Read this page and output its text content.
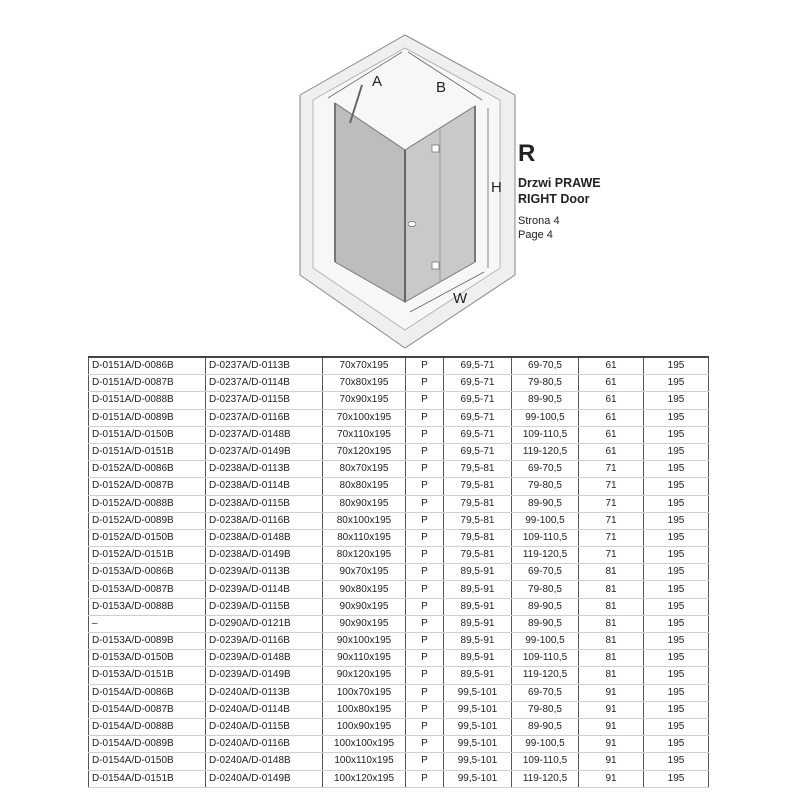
A	B
H
W
R
Drzwi PRAWE
RIGHT Door
Strona 4
Page 4
D-0151A/D-0086B	D-0237A/D-0113B	70x70x195	P	69,5-71	69-70,5	61	195
D-0151A/D-0087B	D-0237A/D-0114B	70x80x195	P	69,5-71	79-80,5	61	195
D-0151A/D-0088B	D-0237A/D-0115B	70x90x195	P	69,5-71	89-90,5	61	195
D-0151A/D-0089B	D-0237A/D-0116B	70x100x195	P	69,5-71	99-100,5	61	195
D-0151A/D-0150B	D-0237A/D-0148B	70x110x195	P	69,5-71	109-110,5	61	195
D-0151A/D-0151B	D-0237A/D-0149B	70x120x195	P	69,5-71	119-120,5	61	195
D-0152A/D-0086B	D-0238A/D-0113B	80x70x195	P	79,5-81	69-70,5	71	195
D-0152A/D-0087B	D-0238A/D-0114B	80x80x195	P	79,5-81	79-80,5	71	195
D-0152A/D-0088B	D-0238A/D-0115B	80x90x195	P	79,5-81	89-90,5	71	195
D-0152A/D-0089B	D-0238A/D-0116B	80x100x195	P	79,5-81	99-100,5	71	195
D-0152A/D-0150B	D-0238A/D-0148B	80x110x195	P	79,5-81	109-110,5	71	195
D-0152A/D-0151B	D-0238A/D-0149B	80x120x195	P	79,5-81	119-120,5	71	195
D-0153A/D-0086B	D-0239A/D-0113B	90x70x195	P	89,5-91	69-70,5	81	195
D-0153A/D-0087B	D-0239A/D-0114B	90x80x195	P	89,5-91	79-80,5	81	195
D-0153A/D-0088B	D-0239A/D-0115B	90x90x195	P	89,5-91	89-90,5	81	195
–	D-0290A/D-0121B	90x90x195	P	89,5-91	89-90,5	81	195
D-0153A/D-0089B	D-0239A/D-0116B	90x100x195	P	89,5-91	99-100,5	81	195
D-0153A/D-0150B	D-0239A/D-0148B	90x110x195	P	89,5-91	109-110,5	81	195
D-0153A/D-0151B	D-0239A/D-0149B	90x120x195	P	89,5-91	119-120,5	81	195
D-0154A/D-0086B	D-0240A/D-0113B	100x70x195	P	99,5-101	69-70,5	91	195
D-0154A/D-0087B	D-0240A/D-0114B	100x80x195	P	99,5-101	79-80,5	91	195
D-0154A/D-0088B	D-0240A/D-0115B	100x90x195	P	99,5-101	89-90,5	91	195
D-0154A/D-0089B	D-0240A/D-0116B	100x100x195	P	99,5-101	99-100,5	91	195
D-0154A/D-0150B	D-0240A/D-0148B	100x110x195	P	99,5-101	109-110,5	91	195
D-0154A/D-0151B	D-0240A/D-0149B	100x120x195	P	99,5-101	119-120,5	91	195
